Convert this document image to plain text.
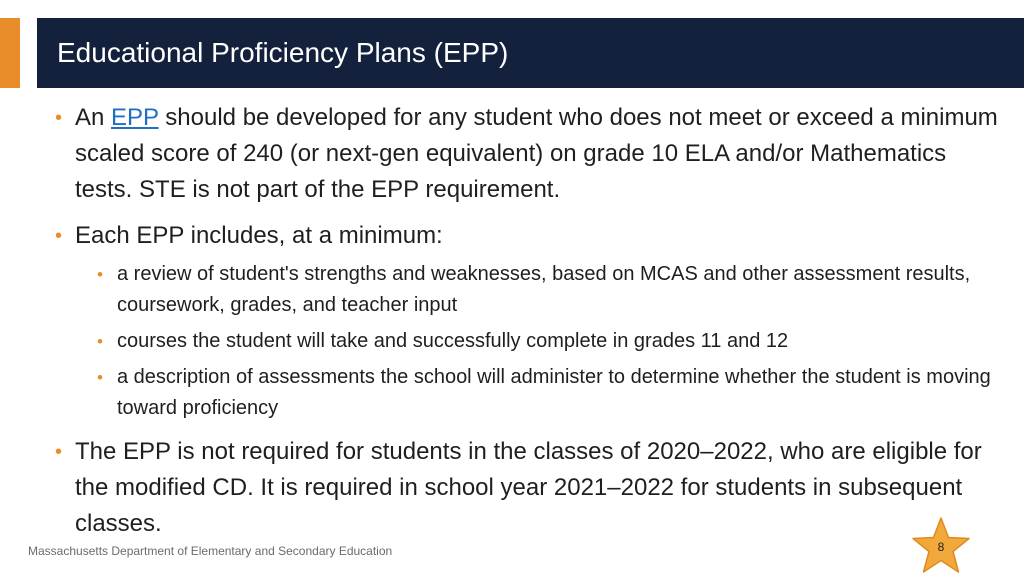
Educational Proficiency Plans (EPP)
• An EPP should be developed for any student who does not meet or exceed a minimum scaled score of 240 (or next-gen equivalent) on grade 10 ELA and/or Mathematics tests. STE is not part of the EPP requirement.
• Each EPP includes, at a minimum:
• a review of student's strengths and weaknesses, based on MCAS and other assessment results, coursework, grades, and teacher input
• courses the student will take and successfully complete in grades 11 and 12
• a description of assessments the school will administer to determine whether the student is moving toward proficiency
• The EPP is not required for students in the classes of 2020–2022, who are eligible for the modified CD. It is required in school year 2021–2022 for students in subsequent classes.
Massachusetts Department of Elementary and Secondary Education	8
